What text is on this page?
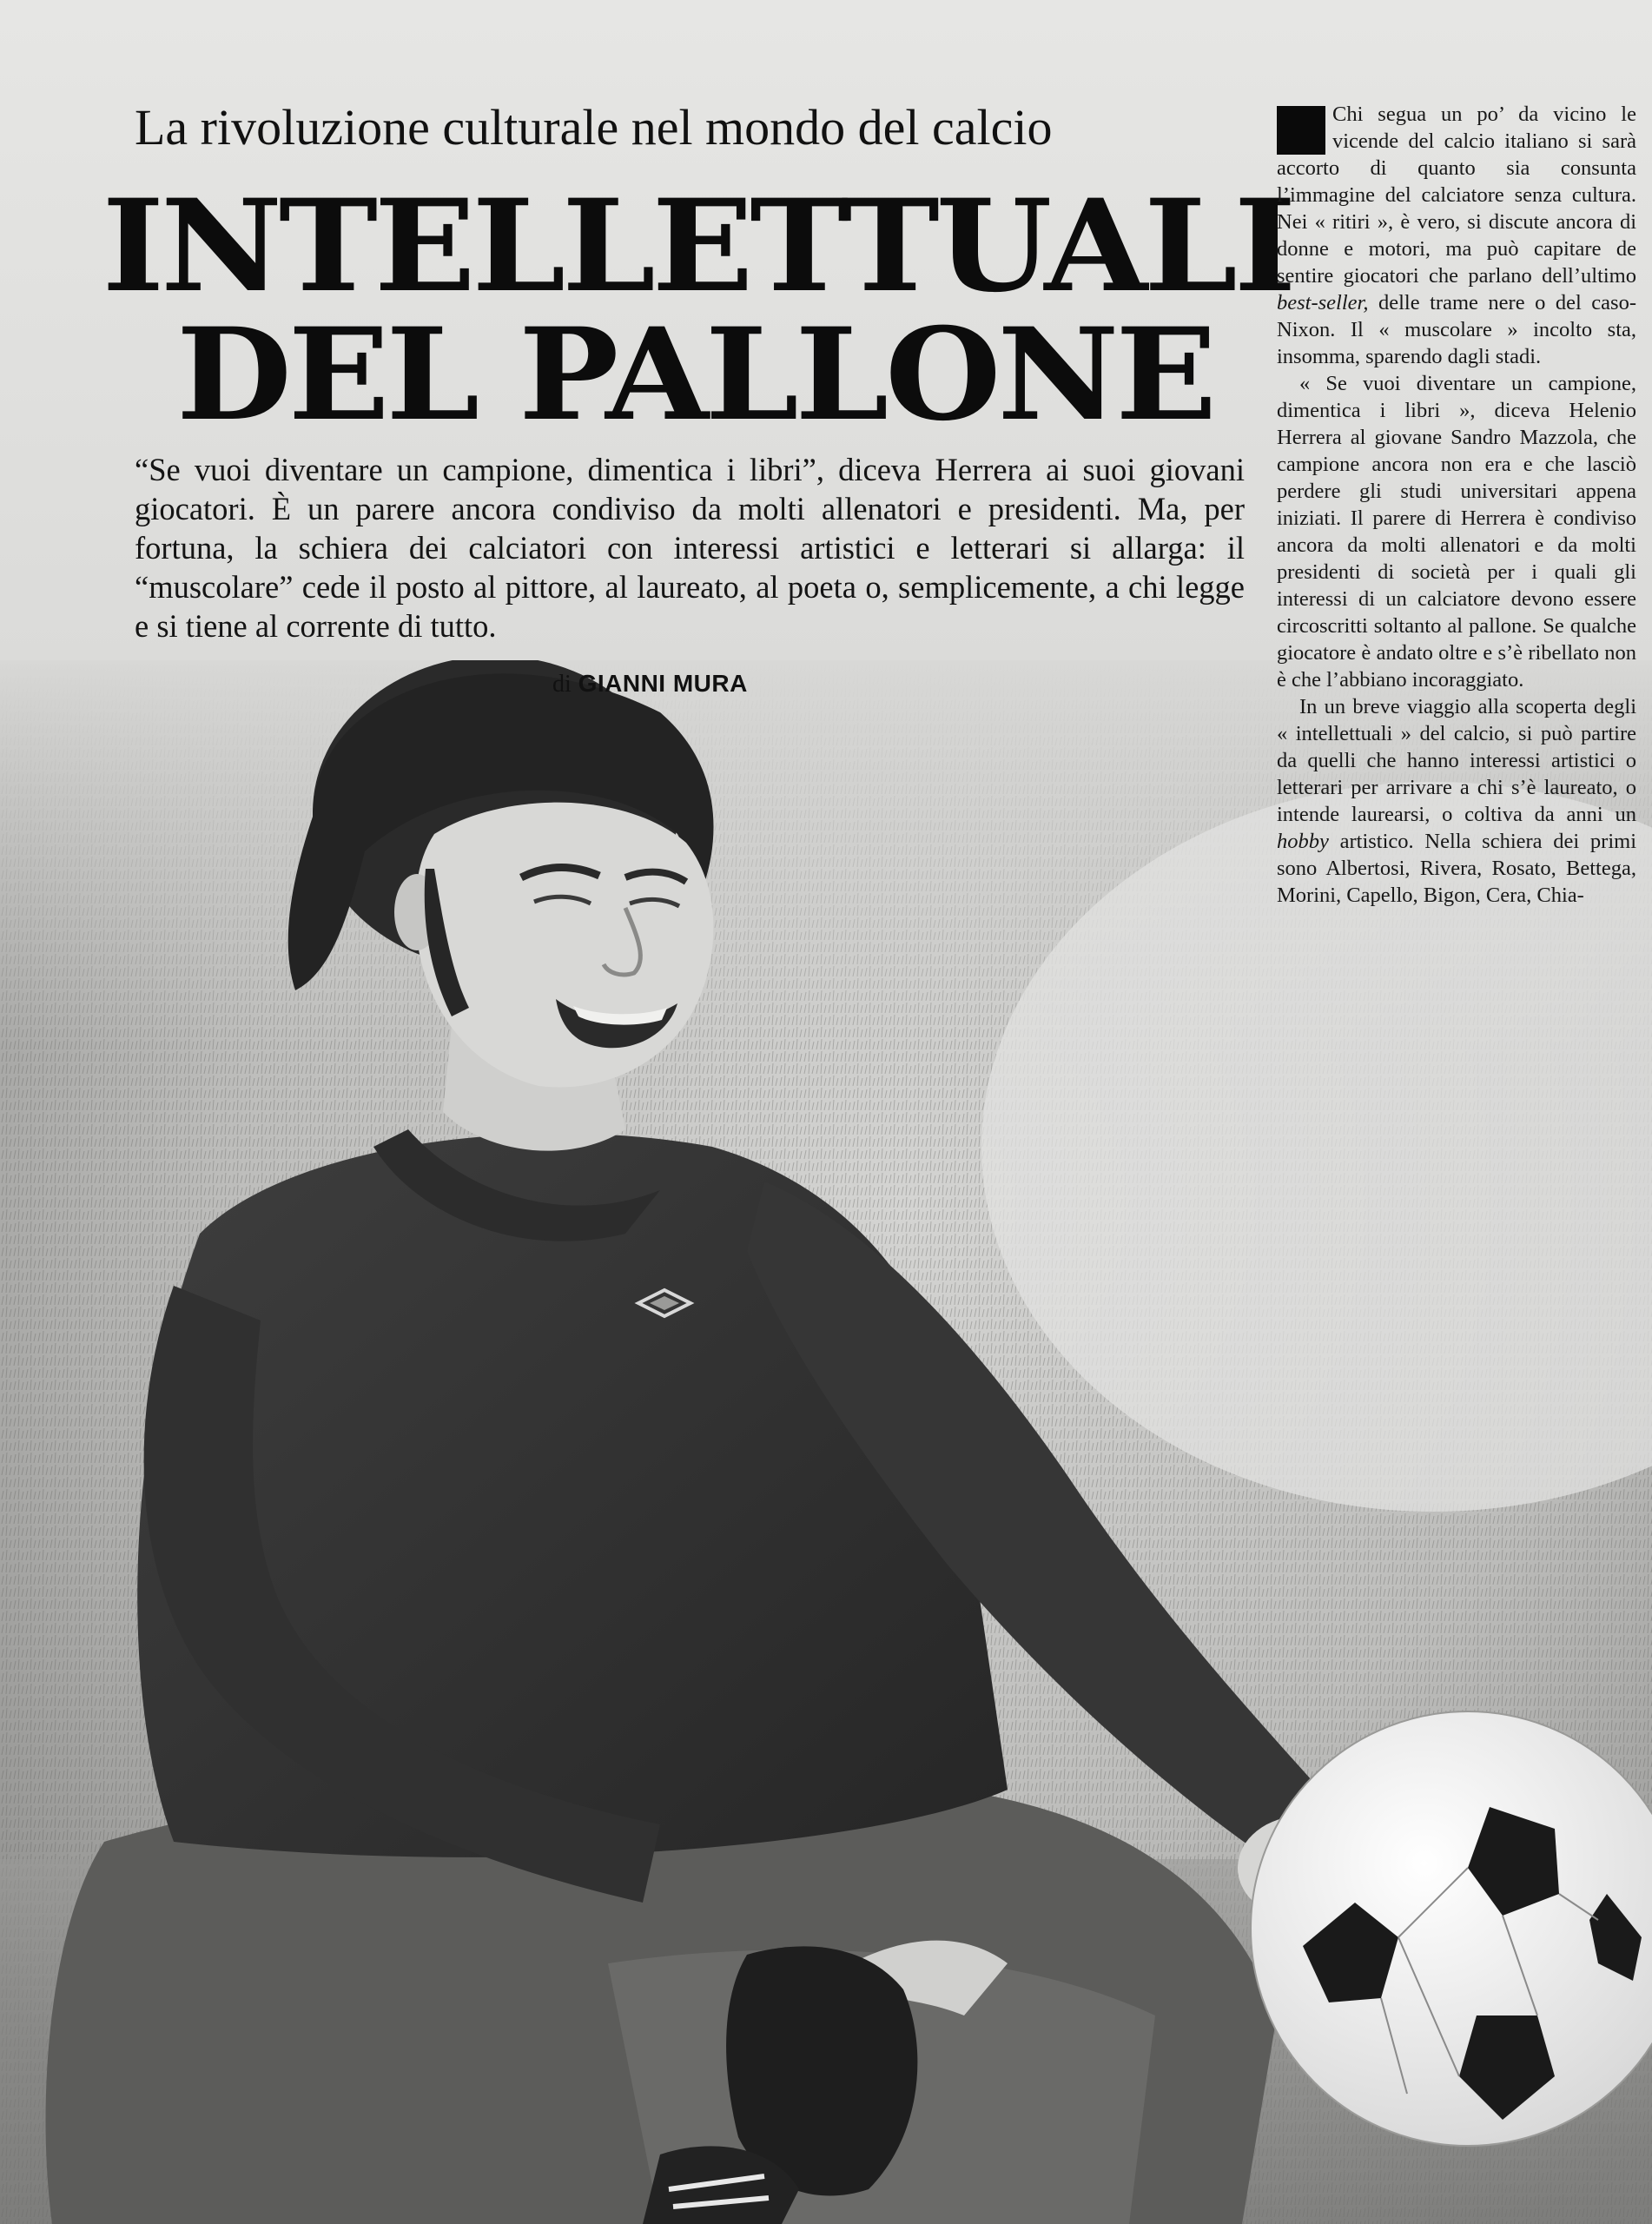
La rivoluzione culturale nel mondo del calcio
INTELLETTUALI
DEL PALLONE

“Se vuoi diventare un campione, dimentica i libri”, diceva Herrera ai suoi giovani giocatori. È un parere ancora condiviso da molti allenatori e presidenti. Ma, per fortuna, la schiera dei calciatori con interessi artistici e letterari si allarga: il “muscolare” cede il posto al pittore, al laureato, al poeta o, semplicemente, a chi legge e si tiene al corrente di tutto.

di GIANNI MURA

Chi segua un po’ da vicino le vicende del calcio italiano si sarà accorto di quanto sia consunta l’immagine del calciatore senza cultura. Nei « ritiri », è vero, si discute ancora di donne e motori, ma può capitare de sentire giocatori che parlano dell’ultimo best-seller, delle trame nere o del caso-Nixon. Il « muscolare » incolto sta, insomma, sparendo dagli stadi.

« Se vuoi diventare un campione, dimentica i libri », diceva Helenio Herrera al giovane Sandro Mazzola, che campione ancora non era e che lasciò perdere gli studi universitari appena iniziati. Il parere di Herrera è condiviso ancora da molti allenatori e da molti presidenti di società per i quali gli interessi di un calciatore devono essere circoscritti soltanto al pallone. Se qualche giocatore è andato oltre e s’è ribellato non è che l’abbiano incoraggiato.

In un breve viaggio alla scoperta degli « intellettuali » del calcio, si può partire da quelli che hanno interessi artistici o letterari per arrivare a chi s’è laureato, o intende laurearsi, o coltiva da anni un hobby artistico. Nella schiera dei primi sono Albertosi, Rivera, Rosato, Bettega, Morini, Capello, Bigon, Cera, Chia-
